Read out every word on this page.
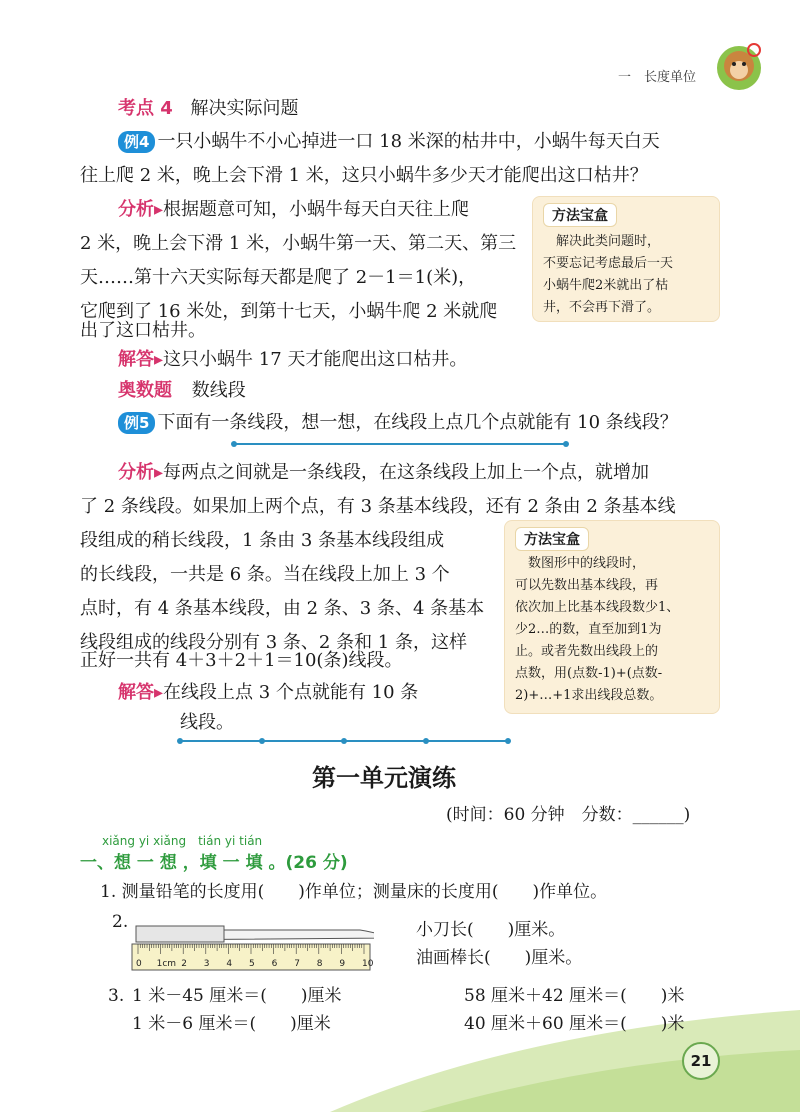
一　长度单位
考点 4 解决实际问题
例4 一只小蜗牛不小心掉进一口 18 米深的枯井中，小蜗牛每天白天
往上爬 2 米，晚上会下滑 1 米，这只小蜗牛多少天才能爬出这口枯井？
分析▸根据题意可知，小蜗牛每天白天往上爬
2 米，晚上会下滑 1 米，小蜗牛第一天、第二天、第三
天……第十六天实际每天都是爬了 2－1＝1(米)，
它爬到了 16 米处，到第十七天，小蜗牛爬 2 米就爬
出了这口枯井。
解答▸这只小蜗牛 17 天才能爬出这口枯井。
方法宝盒
　解决此类问题时，
不要忘记考虑最后一天
小蜗牛爬2米就出了枯
井，不会再下滑了。
奥数题 数线段
例5 下面有一条线段，想一想，在线段上点几个点就能有 10 条线段？
分析▸每两点之间就是一条线段，在这条线段上加上一个点，就增加
了 2 条线段。如果加上两个点，有 3 条基本线段，还有 2 条由 2 条基本线
段组成的稍长线段，1 条由 3 条基本线段组成
的长线段，一共是 6 条。当在线段上加上 3 个
点时，有 4 条基本线段，由 2 条、3 条、4 条基本
线段组成的线段分别有 3 条、2 条和 1 条，这样
正好一共有 4＋3＋2＋1＝10(条)线段。
解答▸在线段上点 3 个点就能有 10 条
线段。
方法宝盒
　数图形中的线段时，
可以先数出基本线段，再
依次加上比基本线段数少1、
少2…的数，直至加到1为
止。或者先数出线段上的
点数，用(点数-1)+(点数-
2)+…+1求出线段总数。
第一单元演练
(时间：60 分钟　分数：______)
xiǎng yi xiǎng　tián yi tián
一、想 一 想 ，填 一 填 。(26 分)
1. 测量铅笔的长度用(　　)作单位；测量床的长度用(　　)作单位。
2.
0 1cm 2 3 4 5 6 7 8 9 10
小刀长(　　)厘米。
油画棒长(　　)厘米。
3. 1 米－45 厘米＝(　　)厘米	58 厘米＋42 厘米＝(　　)米
1 米－6 厘米＝(　　)厘米	40 厘米＋60 厘米＝(　　)米
21
